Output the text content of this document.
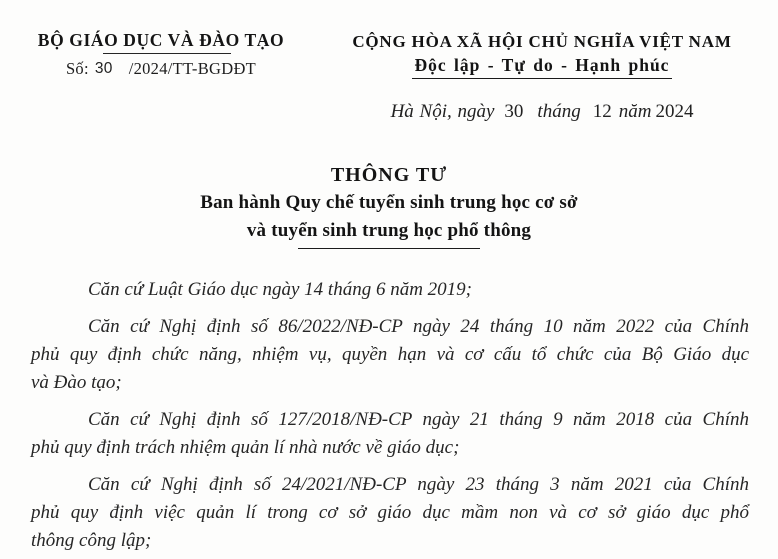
BỘ GIÁO DỤC VÀ ĐÀO TẠO
Số: 30 /2024/TT-BGDĐT
CỘNG HÒA XÃ HỘI CHỦ NGHĨA VIỆT NAM
Độc lập - Tự do - Hạnh phúc
Hà Nội, ngày 30 tháng 12 năm 2024
THÔNG TƯ
Ban hành Quy chế tuyển sinh trung học cơ sở
và tuyển sinh trung học phổ thông
Căn cứ Luật Giáo dục ngày 14 tháng 6 năm 2019;
Căn cứ Nghị định số 86/2022/NĐ-CP ngày 24 tháng 10 năm 2022 của Chính
phủ quy định chức năng, nhiệm vụ, quyền hạn và cơ cấu tổ chức của Bộ Giáo dục
và Đào tạo;
Căn cứ Nghị định số 127/2018/NĐ-CP ngày 21 tháng 9 năm 2018 của Chính
phủ quy định trách nhiệm quản lí nhà nước về giáo dục;
Căn cứ Nghị định số 24/2021/NĐ-CP ngày 23 tháng 3 năm 2021 của Chính
phủ quy định việc quản lí trong cơ sở giáo dục mầm non và cơ sở giáo dục phổ
thông công lập;
